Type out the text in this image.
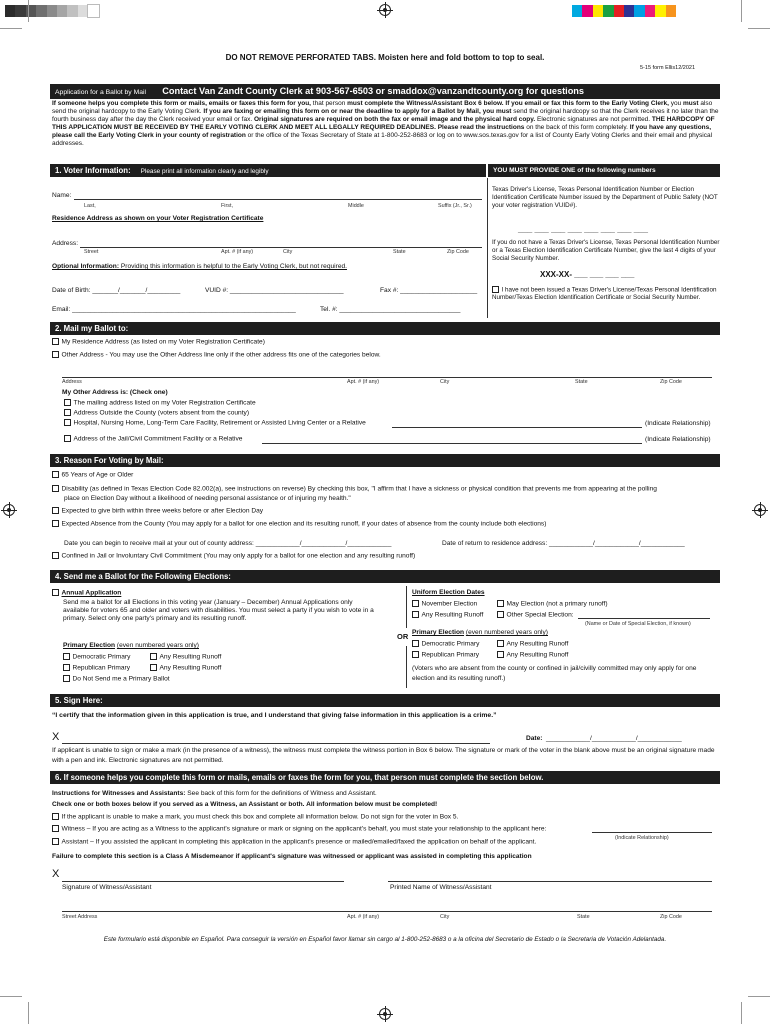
DO NOT REMOVE PERFORATED TABS. Moisten here and fold bottom to top to seal.
5-15 form Ellis12/2021
Application for a Ballot by Mail Contact Van Zandt County Clerk at 903-567-6503 or smaddox@vanzandtcounty.org for questions
If someone helps you complete this form or mails, emails or faxes this form for you, that person must complete the Witness/Assistant Box 6 below. If you email or fax this form to the Early Voting Clerk, you must also send the original hardcopy to the Early Voting Clerk. If you are faxing or emailing this form on or near the deadline to apply for a Ballot by Mail, you must send the original hardcopy so that the Clerk receives it no later than the fourth business day after the day the Clerk received your email or fax. Original signatures are required on both the fax or email image and the physical hard copy. Electronic signatures are not permitted. THE HARDCOPY OF THIS APPLICATION MUST BE RECEIVED BY THE EARLY VOTING CLERK AND MEET ALL LEGALLY REQUIRED DEADLINES. Please read the instructions on the back of this form completely. If you have any questions, please call the Early Voting Clerk in your county of registration or the office of the Texas Secretary of State at 1-800-252-8683 or log on to www.sos.texas.gov for a list of County Early Voting Clerks and their email and physical addresses.
1. Voter Information: Please print all information clearly and legibly	YOU MUST PROVIDE ONE of the following numbers
Name:
Last,	First,	Middle	Suffix (Jr., Sr.)
Residence Address as shown on your Voter Registration Certificate
Address:
Street	Apt. # (if any)	City	State	Zip Code
Optional Information: Providing this information is helpful to the Early Voting Clerk, but not required.
Date of Birth: _______/_______/_________	VUID #: _______________________________	Fax #: _____________________
Email: _____________________________________________________________	Tel. #: _________________________________
Texas Driver's License, Texas Personal Identification Number or Election Identification Certificate Number issued by the Department of Public Safety (NOT your voter registration VUID#).
___ ___ ___ ___ ___ ___ ___ ___
If you do not have a Texas Driver's License, Texas Personal Identification Number or a Texas Election Identification Certificate Number, give the last 4 digits of your Social Security Number.
XXX-XX- ___ ___ ___ ___
I have not been issued a Texas Driver's License/Texas Personal Identification Number/Texas Election Identification Certificate or Social Security Number.
2. Mail my Ballot to:
My Residence Address (as listed on my Voter Registration Certificate)
Other Address - You may use the Other Address line only if the other address fits one of the categories below.
Address	Apt. # (if any)	City	State	Zip Code
My Other Address is: (Check one)
The mailing address listed on my Voter Registration Certificate
Address Outside the County (voters absent from the county)
Hospital, Nursing Home, Long-Term Care Facility, Retirement or Assisted Living Center or a Relative	(Indicate Relationship)
Address of the Jail/Civil Commitment Facility or a Relative	(Indicate Relationship)
3. Reason For Voting by Mail:
65 Years of Age or Older
Disability (as defined in Texas Election Code 82.002(a), see instructions on reverse) By checking this box, "I affirm that I have a sickness or physical condition that prevents me from appearing at the polling
place on Election Day without a likelihood of needing personal assistance or of injuring my health."
Expected to give birth within three weeks before or after Election Day
Expected Absence from the County (You may apply for a ballot for one election and its resulting runoff, if your dates of absence from the county include both elections)
Date you can begin to receive mail at your out of county address: ____________/____________/____________	Date of return to residence address: ____________/____________/____________
Confined in Jail or Involuntary Civil Commitment (You may only apply for a ballot for one election and any resulting runoff)
4. Send me a Ballot for the Following Elections:
Annual Application
Send me a ballot for all Elections in this voting year (January – December) Annual Applications only available for voters 65 and older and voters with disabilities. You must select a party if you wish to vote in a primary. Select only one party's primary and its resulting runoff.
Primary Election (even numbered years only)
Democratic Primary	Any Resulting Runoff
Republican Primary	Any Resulting Runoff
Do Not Send me a Primary Ballot
OR
Uniform Election Dates
November Election	May Election (not a primary runoff)
Any Resulting Runoff	Other Special Election:
(Name or Date of Special Election, if known)
Primary Election (even numbered years only)
Democratic Primary	Any Resulting Runoff
Republican Primary	Any Resulting Runoff
(Voters who are absent from the county or confined in jail/civilly committed may only apply for one election and its resulting runoff.)
5. Sign Here:
“I certify that the information given in this application is true, and I understand that giving false information in this application is a crime.”
X	Date: ____________/____________/____________
If applicant is unable to sign or make a mark (in the presence of a witness), the witness must complete the witness portion in Box 6 below. The signature or mark of the voter in the blank above must be an original signature made with a pen and ink. Electronic signatures are not permitted.
6. If someone helps you complete this form or mails, emails or faxes the form for you, that person must complete the section below.
Instructions for Witnesses and Assistants: See back of this form for the definitions of Witness and Assistant.
Check one or both boxes below if you served as a Witness, an Assistant or both. All information below must be completed!
If the applicant is unable to make a mark, you must check this box and complete all information below. Do not sign for the voter in Box 5.
Witness – If you are acting as a Witness to the applicant's signature or mark or signing on the applicant's behalf, you must state your relationship to the applicant here:
(Indicate Relationship)
Assistant – If you assisted the applicant in completing this application in the applicant's presence or mailed/emailed/faxed the application on behalf of the applicant.
Failure to complete this section is a Class A Misdemeanor if applicant's signature was witnessed or applicant was assisted in completing this application
X
Signature of Witness/Assistant	Printed Name of Witness/Assistant
Street Address	Apt. # (if any)	City	State	Zip Code
Este formulario está disponible en Español. Para conseguir la versión en Español favor llamar sin cargo al 1-800-252-8683 o a la oficina del Secretario de Estado o la Secretaria de Votación Adelantada.
